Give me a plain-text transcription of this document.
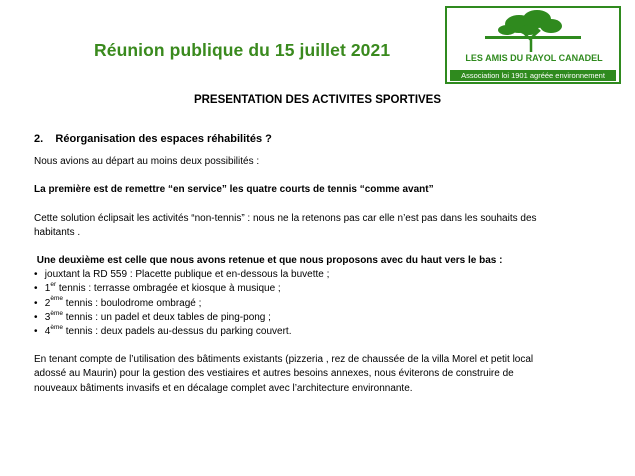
Réunion publique du 15 juillet 2021	LES AMIS DU RAYOL CANADEL
Association loi 1901 agréée environnement
PRESENTATION DES ACTIVITES SPORTIVES

2. Réorganisation des espaces réhabilités ?

Nous avions au départ au moins deux possibilités :

La première est de remettre “en service” les quatre courts de tennis “comme avant”

Cette solution éclipsait les activités “non-tennis” : nous ne la retenons pas car elle n’est pas dans les souhaits des

habitants .

Une deuxième est celle que nous avons retenue et que nous proposons avec du haut vers le bas :

• jouxtant la RD 559 : Placette publique et en-dessous la buvette ;
• 1er tennis : terrasse ombragée et kiosque à musique ;
• 2ème tennis : boulodrome ombragé ;
• 3ème tennis : un padel et deux tables de ping-pong ;
• 4ème tennis : deux padels au-dessus du parking couvert.

En tenant compte de l’utilisation des bâtiments existants (pizzeria , rez de chaussée de la villa Morel et petit local

adossé au Maurin) pour la gestion des vestiaires et autres besoins annexes, nous éviterons de construire de

nouveaux bâtiments invasifs et en décalage complet avec l’architecture environnante.
